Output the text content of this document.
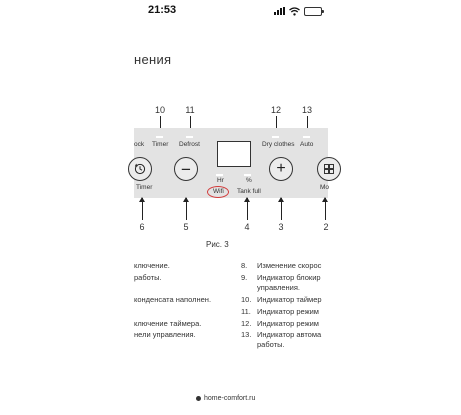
21:53
нения
10	11	12	13
ock Timer Defrost	Dry clothes Auto
Hr	%
Wifi Tank full
Timer
−	+
Mo
6	5	4	3	2
Рис. 3
ключение.
работы.
конденсата наполнен.
ключение таймера.
нели управления.
8. Изменение скорос
9. Индикатор блокир
управления.
10. Индикатор таймер
11. Индикатор режим
12. Индикатор режим
13. Индикатор автома
работы.
home-comfort.ru
